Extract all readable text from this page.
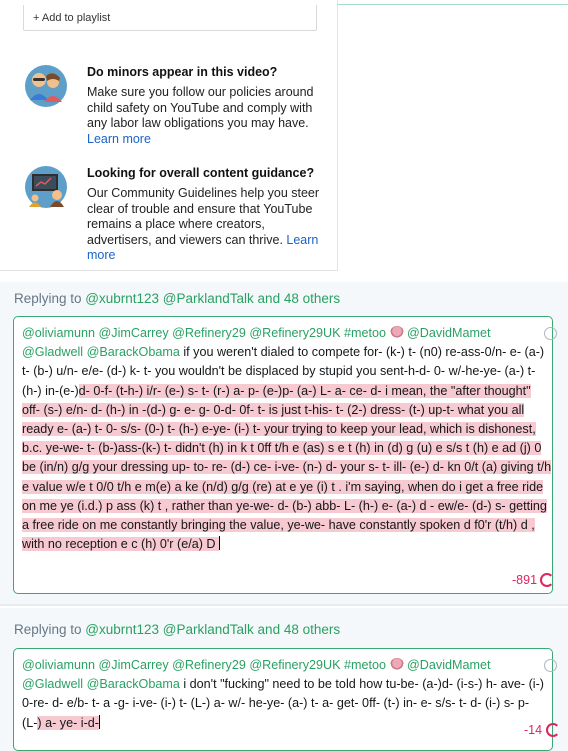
+ Add to playlist
Do minors appear in this video?

Make sure you follow our policies around child safety on YouTube and comply with any labor law obligations you may have. Learn more

Looking for overall content guidance?

Our Community Guidelines help you steer clear of trouble and ensure that YouTube remains a place where creators, advertisers, and viewers can thrive. Learn more

Replying to @xubrnt123 @ParklandTalk and 48 others
@oliviamunn @JimCarrey @Refinery29 @Refinery29UK #metoo @DavidMamet @Gladwell @BarackObama if you weren't dialed to compete for- (k-) t- (n0) re-ass-0/n- e- (a-) t- (b-) u/n- e/e- (d-) k- t- you wouldn't be displaced by stupid you sent-h-d- 0- w/-he-ye- (a-) t- (h-) in-(e-)d- 0-f- (t-h-) i/r- (e-) s- t- (r-) a- p- (e-)p- (a-) L- a- ce- d- i mean, the "after thought" off- (s-) e/n- d- (h-) in -(d-) g- e- g- 0-d- 0f- t- is just t-his- t- (2-) dress- (t-) up-t- what you all ready e- (a-) t- 0- s/s- (0-) t- (h-) e-ye- (i-) t- your trying to keep your lead, which is dishonest, b.c. ye-we- t- (b-)ass-(k-) t- didn't (h) in k t 0ff t/h e (as) s e t (h) in (d) g (u) e s/s t (h) e ad (j) 0 be (in/n) g/g your dressing up- to- re- (d-) ce- i-ve- (n-) d- your s- t- ill- (e-) d- kn 0/t (a) giving t/h e value w/e t 0/0 t/h e m(e) a ke (n/d) g/g (re) at e ye (i) t . i'm saying, when do i get a free ride on me ye (i.d.) p ass (k) t , rather than ye-we- d- (b-) abb- L- (h-) e- (a-) d - ew/e- (d-) s- getting a free ride on me constantly bringing the value, ye-we- have constantly spoken d f0'r (t/h) d , with no reception e c (h) 0'r (e/a) D
-891
Replying to @xubrnt123 @ParklandTalk and 48 others
@oliviamunn @JimCarrey @Refinery29 @Refinery29UK #metoo @DavidMamet @Gladwell @BarackObama i don't "fucking" need to be told how tu-be- (a-)d- (i-s-) h- ave- (i-) 0-re- d- e/b- t- a -g- i-ve- (i-) t- (L-) a- w/- he-ye- (a-) t- a- get- 0ff- (t-) in- e- s/s- t- d- (i-) s- p- (L-) a- ye- i-d-
-14
